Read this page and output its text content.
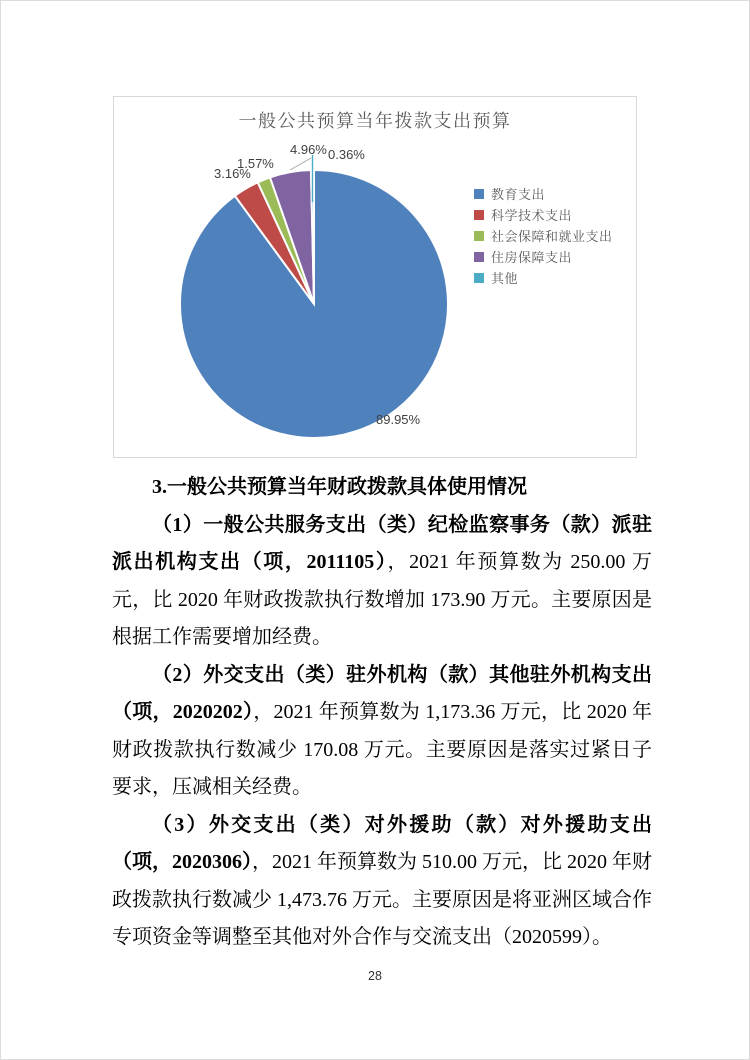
一般公共预算当年拨款支出预算
89.95%
3.16%
1.57%
4.96% 0.36%
教育支出
科学技术支出
社会保障和就业支出
住房保障支出
其他

3.一般公共预算当年财政拨款具体使用情况

（1）一般公共服务支出（类）纪检监察事务（款）派驻派出机构支出（项，2011105），2021 年预算数为 250.00 万元，比 2020 年财政拨款执行数增加 173.90 万元。主要原因是根据工作需要增加经费。

（2）外交支出（类）驻外机构（款）其他驻外机构支出（项，2020202），2021 年预算数为 1,173.36 万元，比 2020 年财政拨款执行数减少 170.08 万元。主要原因是落实过紧日子要求，压减相关经费。

（3）外交支出（类）对外援助（款）对外援助支出（项，2020306），2021 年预算数为 510.00 万元，比 2020 年财政拨款执行数减少 1,473.76 万元。主要原因是将亚洲区域合作专项资金等调整至其他对外合作与交流支出（2020599）。

28
